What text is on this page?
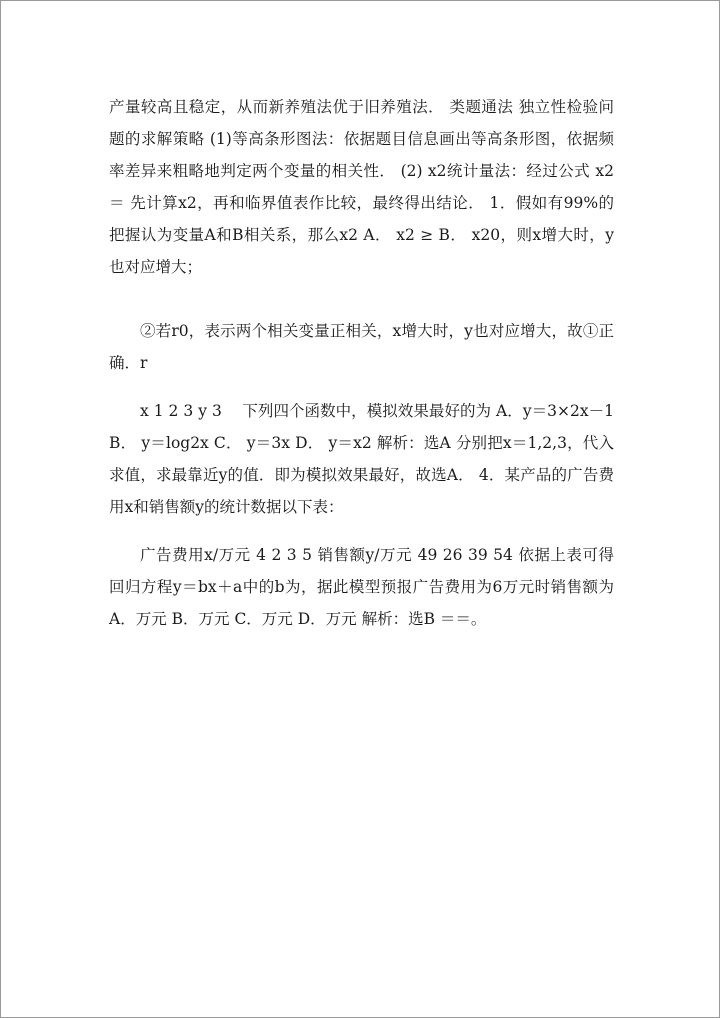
产量较高且稳定，从而新养殖法优于旧养殖法． 类题通法 独立性检验问题的求解策略 (1)等高条形图法：依据题目信息画出等高条形图，依据频率差异来粗略地判定两个变量的相关性． (2) x2统计量法：经过公式 x2＝ 先计算x2，再和临界值表作比较，最终得出结论． 1．假如有99%的把握认为变量A和B相关系，那么x2 A． x2 ≥ B． x20，则x增大时，y也对应增大；

②若r0，表示两个相关变量正相关，x增大时，y也对应增大，故①正确．r

x 1 2 3 y 3　 下列四个函数中，模拟效果最好的为 A．y＝3×2x－1 B． y＝log2x C． y＝3x D． y＝x2 解析：选A 分别把x＝1,2,3，代入求值，求最靠近y的值．即为模拟效果最好，故选A． 4．某产品的广告费用x和销售额y的统计数据以下表：

广告费用x/万元 4 2 3 5 销售额y/万元 49 26 39 54 依据上表可得回归方程y＝bx＋a中的b为，据此模型预报广告费用为6万元时销售额为 A．万元 B．万元 C．万元 D．万元 解析：选B ＝＝。
